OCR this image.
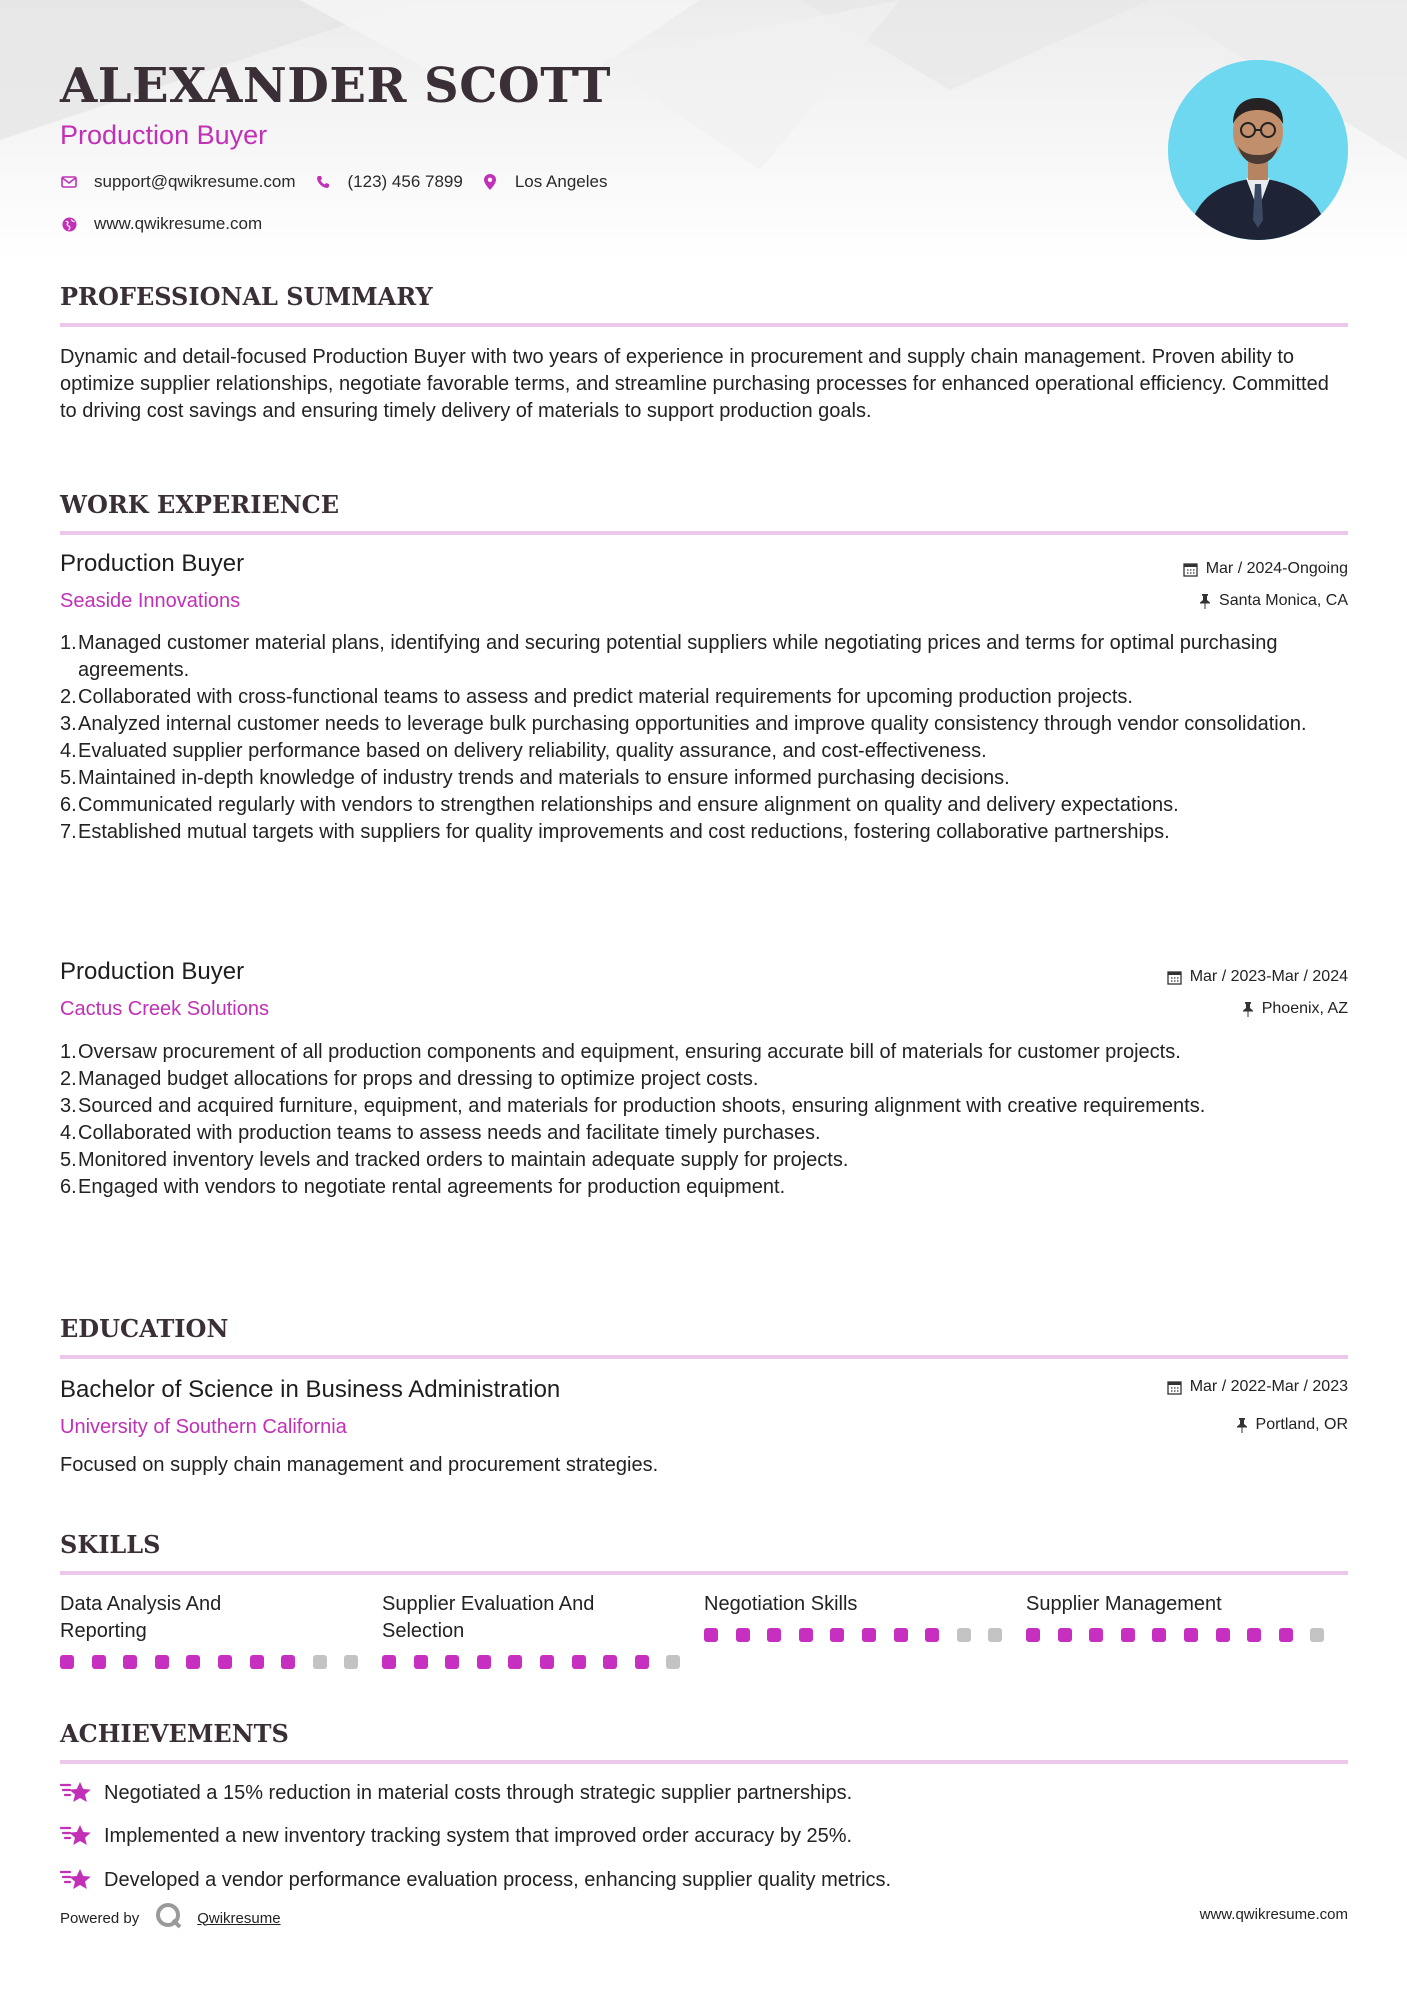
ALEXANDER SCOTT
Production Buyer
support@qwikresume.com	(123) 456 7899	Los Angeles
www.qwikresume.com
PROFESSIONAL SUMMARY
Dynamic and detail-focused Production Buyer with two years of experience in procurement and supply chain management. Proven ability to optimize supplier relationships, negotiate favorable terms, and streamline purchasing processes for enhanced operational efficiency. Committed to driving cost savings and ensuring timely delivery of materials to support production goals.
WORK EXPERIENCE
Production Buyer
Seaside Innovations
Mar / 2024-Ongoing
Santa Monica, CA
1. Managed customer material plans, identifying and securing potential suppliers while negotiating prices and terms for optimal purchasing agreements.
2. Collaborated with cross-functional teams to assess and predict material requirements for upcoming production projects.
3. Analyzed internal customer needs to leverage bulk purchasing opportunities and improve quality consistency through vendor consolidation.
4. Evaluated supplier performance based on delivery reliability, quality assurance, and cost-effectiveness.
5. Maintained in-depth knowledge of industry trends and materials to ensure informed purchasing decisions.
6. Communicated regularly with vendors to strengthen relationships and ensure alignment on quality and delivery expectations.
7. Established mutual targets with suppliers for quality improvements and cost reductions, fostering collaborative partnerships.
Production Buyer
Cactus Creek Solutions
Mar / 2023-Mar / 2024
Phoenix, AZ
1. Oversaw procurement of all production components and equipment, ensuring accurate bill of materials for customer projects.
2. Managed budget allocations for props and dressing to optimize project costs.
3. Sourced and acquired furniture, equipment, and materials for production shoots, ensuring alignment with creative requirements.
4. Collaborated with production teams to assess needs and facilitate timely purchases.
5. Monitored inventory levels and tracked orders to maintain adequate supply for projects.
6. Engaged with vendors to negotiate rental agreements for production equipment.
EDUCATION
Bachelor of Science in Business Administration
University of Southern California
Mar / 2022-Mar / 2023
Portland, OR
Focused on supply chain management and procurement strategies.
SKILLS
Data Analysis And Reporting
Supplier Evaluation And Selection
Negotiation Skills	Supplier Management
ACHIEVEMENTS
Negotiated a 15% reduction in material costs through strategic supplier partnerships.
Implemented a new inventory tracking system that improved order accuracy by 25%.
Developed a vendor performance evaluation process, enhancing supplier quality metrics.
Powered by	Qwikresume	www.qwikresume.com
